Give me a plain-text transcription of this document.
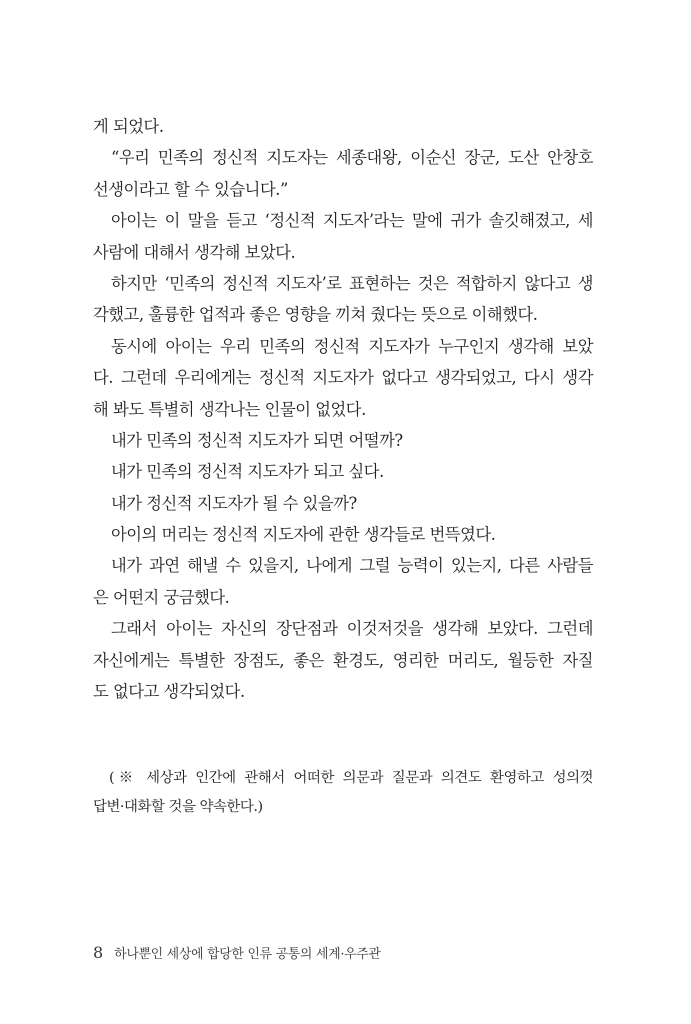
게 되었다.
“우리 민족의 정신적 지도자는 세종대왕, 이순신 장군, 도산 안창호
선생이라고 할 수 있습니다.”
아이는 이 말을 듣고 ‘정신적 지도자’라는 말에 귀가 솔깃해졌고, 세
사람에 대해서 생각해 보았다.
하지만 ‘민족의 정신적 지도자’로 표현하는 것은 적합하지 않다고 생
각했고, 훌륭한 업적과 좋은 영향을 끼쳐 줬다는 뜻으로 이해했다.
동시에 아이는 우리 민족의 정신적 지도자가 누구인지 생각해 보았
다. 그런데 우리에게는 정신적 지도자가 없다고 생각되었고, 다시 생각
해 봐도 특별히 생각나는 인물이 없었다.
내가 민족의 정신적 지도자가 되면 어떨까?
내가 민족의 정신적 지도자가 되고 싶다.
내가 정신적 지도자가 될 수 있을까?
아이의 머리는 정신적 지도자에 관한 생각들로 번뜩였다.
내가 과연 해낼 수 있을지, 나에게 그럴 능력이 있는지, 다른 사람들
은 어떤지 궁금했다.
그래서 아이는 자신의 장단점과 이것저것을 생각해 보았다. 그런데
자신에게는 특별한 장점도, 좋은 환경도, 영리한 머리도, 월등한 자질
도 없다고 생각되었다.
(※ 세상과 인간에 관해서 어떠한 의문과 질문과 의견도 환영하고 성의껏
답변·대화할 것을 약속한다.)
8 하나뿐인 세상에 합당한 인류 공통의 세계·우주관
